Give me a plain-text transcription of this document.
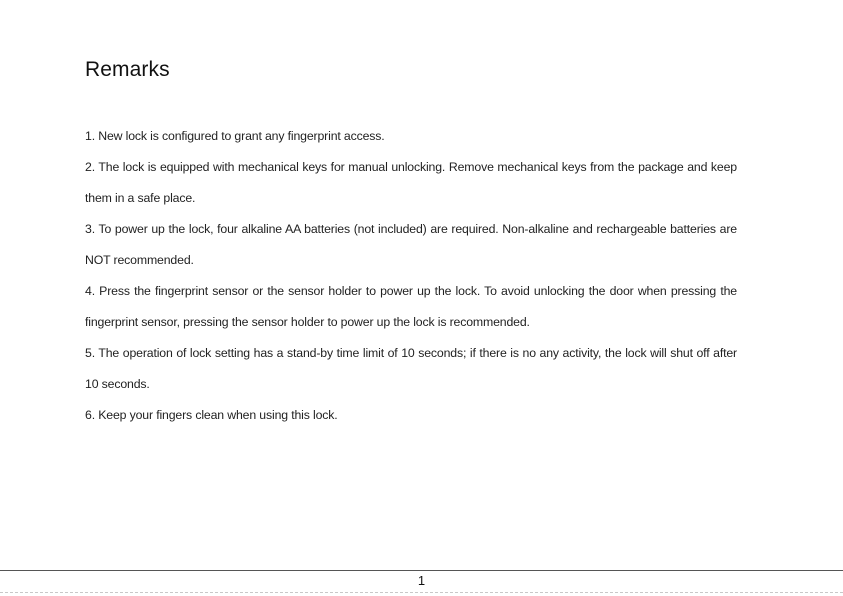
Remarks
1. New lock is configured to grant any fingerprint access.
2. The lock is equipped with mechanical keys for manual unlocking. Remove mechanical keys from the package and keep them in a safe place.
3. To power up the lock, four alkaline AA batteries (not included) are required. Non-alkaline and rechargeable batteries are NOT recommended.
4. Press the fingerprint sensor or the sensor holder to power up the lock. To avoid unlocking the door when pressing the fingerprint sensor, pressing the sensor holder to power up the lock is recommended.
5. The operation of lock setting has a stand-by time limit of 10 seconds; if there is no any activity, the lock will shut off after 10 seconds.
6. Keep your fingers clean when using this lock.
1
